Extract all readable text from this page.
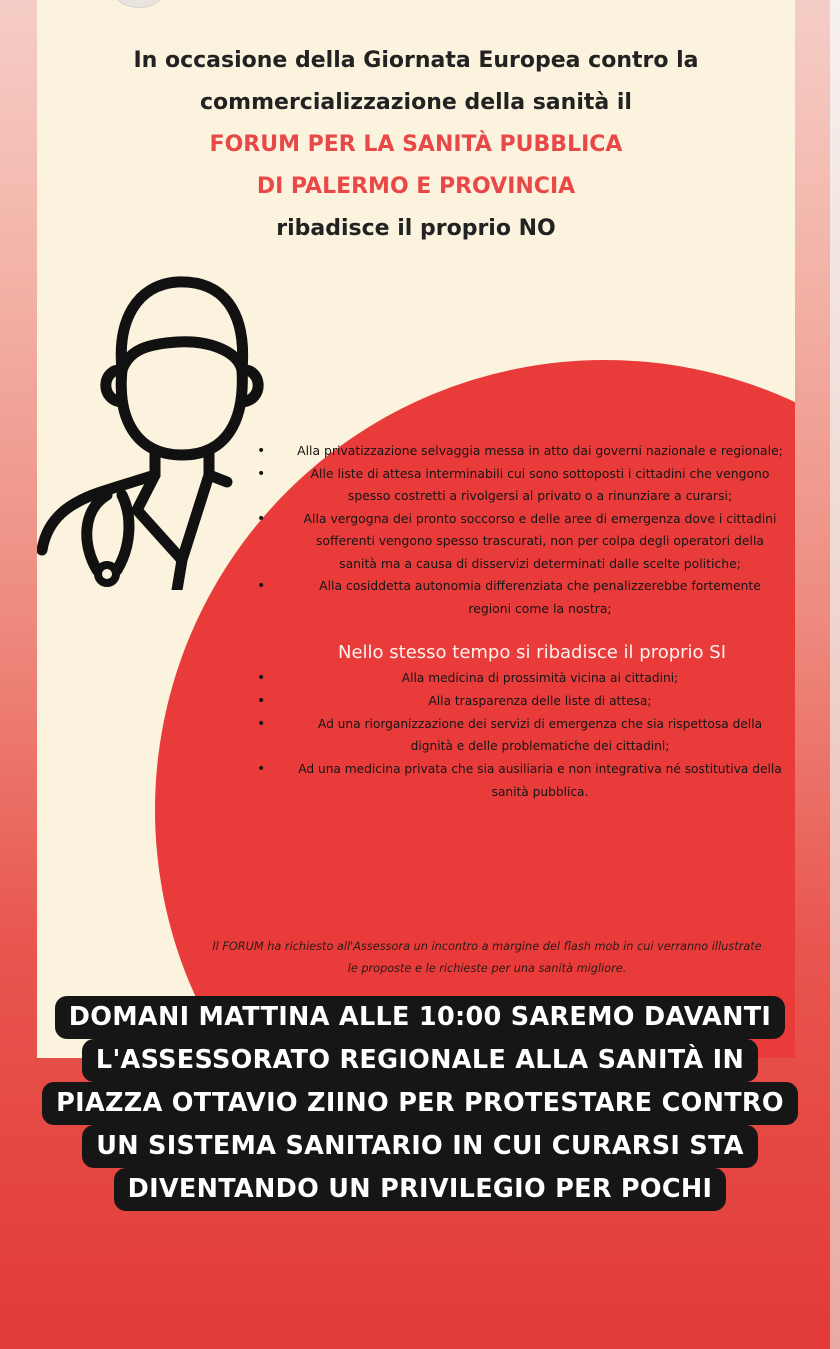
In occasione della Giornata Europea contro la
commercializzazione della sanità il
FORUM PER LA SANITÀ PUBBLICA
DI PALERMO E PROVINCIA
ribadisce il proprio NO
• Alla privatizzazione selvaggia messa in atto dai governi nazionale e regionale;
• Alle liste di attesa interminabili cui sono sottoposti i cittadini che vengono spesso costretti a rivolgersi al privato o a rinunziare a curarsi;
• Alla vergogna dei pronto soccorso e delle aree di emergenza dove i cittadini sofferenti vengono spesso trascurati, non per colpa degli operatori della sanità ma a causa di disservizi determinati dalle scelte politiche;
• Alla cosiddetta autonomia differenziata che penalizzerebbe fortemente regioni come la nostra;
Nello stesso tempo si ribadisce il proprio SI
• Alla medicina di prossimità vicina ai cittadini;
• Alla trasparenza delle liste di attesa;
• Ad una riorganizzazione dei servizi di emergenza che sia rispettosa della dignità e delle problematiche dei cittadini;
• Ad una medicina privata che sia ausiliaria e non integrativa né sostitutiva della sanità pubblica.
Il FORUM ha richiesto all'Assessora un incontro a margine del flash mob in cui verranno illustrate le proposte e le richieste per una sanità migliore.
DOMANI MATTINA ALLE 10:00 SAREMO DAVANTI
L'ASSESSORATO REGIONALE ALLA SANITÀ IN
PIAZZA OTTAVIO ZIINO PER PROTESTARE CONTRO
UN SISTEMA SANITARIO IN CUI CURARSI STA
DIVENTANDO UN PRIVILEGIO PER POCHI
